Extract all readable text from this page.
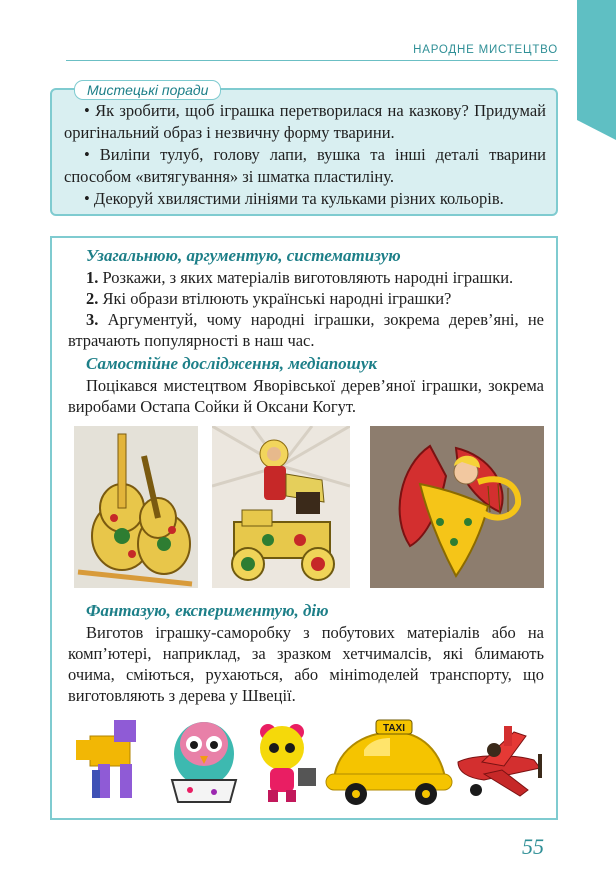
НАРОДНЕ МИСТЕЦТВО
Мистецькі поради
• Як зробити, щоб іграшка перетворилася на казкову? Придумай оригінальний образ і незвичну форму тварини.
• Виліпи тулуб, голову лапи, вушка та інші деталі тварини способом «витягування» зі шматка пластиліну.
• Декоруй хвилястими лініями та кульками різних кольорів.
Узагальнюю, аргументую, систематизую

1. Розкажи, з яких матеріалів виготовляють народні іграшки.

2. Які образи втілюють українські народні іграшки?

3. Аргументуй, чому народні іграшки, зокрема дерев’яні, не втрачають популярності в наш час.

Самостійне дослідження, медіапошук

Поцікався мистецтвом Яворівської дерев’яної іграшки, зокрема виробами Остапа Сойки й Оксани Когут.

Фантазую, експериментую, дію

Виготов іграшку-саморобку з побутових матеріалів або на комп’ютері, наприклад, за зразком хетчималсів, які блимають очима, сміються, рухаються, або мініmоделей транспорту, що виготовляють з дерева у Швеції.

TAXI
55
